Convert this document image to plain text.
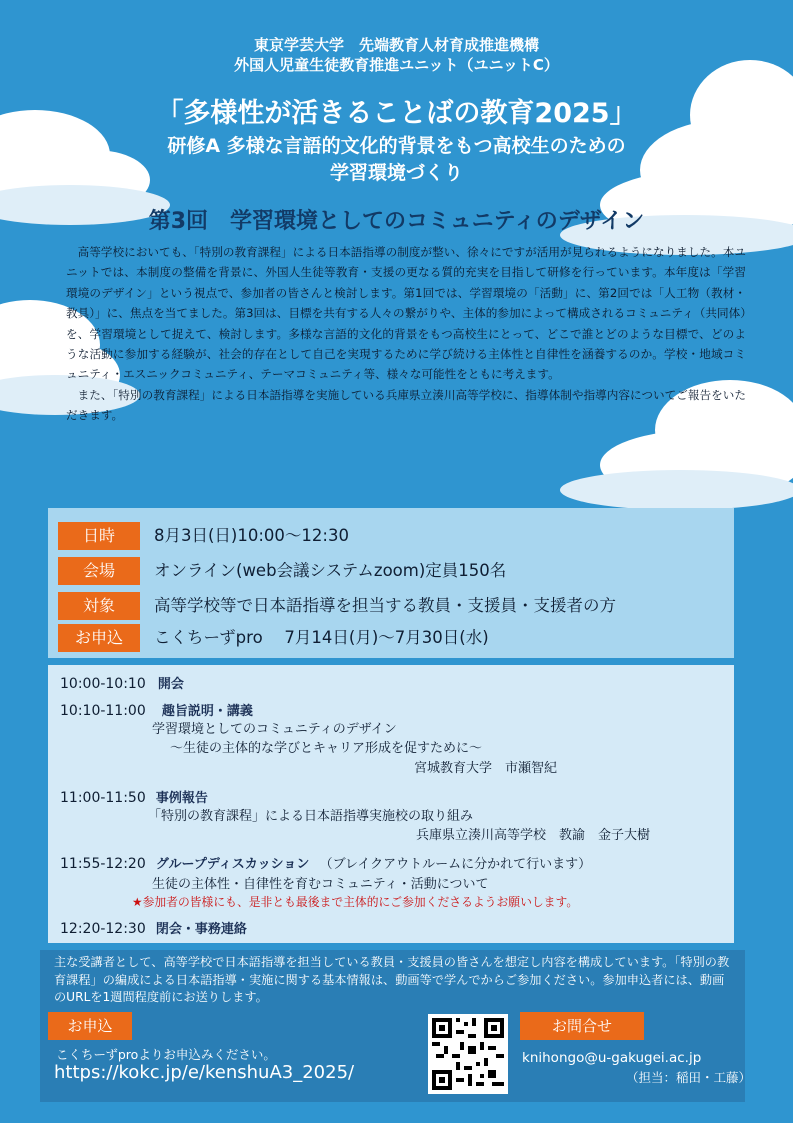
東京学芸大学　先端教育人材育成推進機構
外国人児童生徒教育推進ユニット（ユニットC）
「多様性が活きることばの教育2025」
研修A 多様な言語的文化的背景をもつ高校生のための
学習環境づくり
第3回　学習環境としてのコミュニティのデザイン

高等学校においても、「特別の教育課程」による日本語指導の制度が整い、徐々にですが活用が見られるようになりました。本ユニットでは、本制度の整備を背景に、外国人生徒等教育・支援の更なる質的充実を目指して研修を行っています。本年度は「学習環境のデザイン」という視点で、参加者の皆さんと検討します。第1回では、学習環境の「活動」に、第2回では「人工物（教材・教具）」に、焦点を当てました。第3回は、目標を共有する人々の繋がりや、主体的参加によって構成されるコミュニティ（共同体）を、学習環境として捉えて、検討します。多様な言語的文化的背景をもつ高校生にとって、どこで誰とどのような目標で、どのような活動に参加する経験が、社会的存在として自己を実現するために学び続ける主体性と自律性を涵養するのか。学校・地域コミュニティ・エスニックコミュニティ、テーマコミュニティ等、様々な可能性をともに考えます。

また、「特別の教育課程」による日本語指導を実施している兵庫県立湊川高等学校に、指導体制や指導内容についてご報告をいただきます。

日時	8月3日(日)10:00～12:30
会場	オンライン(web会議システムzoom)定員150名
対象	高等学校等で日本語指導を担当する教員・支援員・支援者の方
お申込	こくちーずpro　 7月14日(月)～7月30日(水)
10:00-10:10 開会
10:10-11:00 趣旨説明・講義
学習環境としてのコミュニティのデザイン
～生徒の主体的な学びとキャリア形成を促すために～
宮城教育大学　市瀬智紀
11:00-11:50 事例報告
「特別の教育課程」による日本語指導実施校の取り組み
兵庫県立湊川高等学校　教諭　金子大樹
11:55-12:20 グループディスカッション （ブレイクアウトルームに分かれて行います）
生徒の主体性・自律性を育むコミュニティ・活動について
★参加者の皆様にも、是非とも最後まで主体的にご参加くださるようお願いします。
12:20-12:30 閉会・事務連絡
主な受講者として、高等学校で日本語指導を担当している教員・支援員の皆さんを想定し内容を構成しています。「特別の教育課程」の編成による日本語指導・実施に関する基本情報は、動画等で学んでからご参加ください。参加申込者には、動画のURLを1週間程度前にお送りします。
お申込
こくちーずproよりお申込みください。
https://kokc.jp/e/kenshuA3_2025/
お問合せ
knihongo@u-gakugei.ac.jp
（担当：稲田・工藤）
